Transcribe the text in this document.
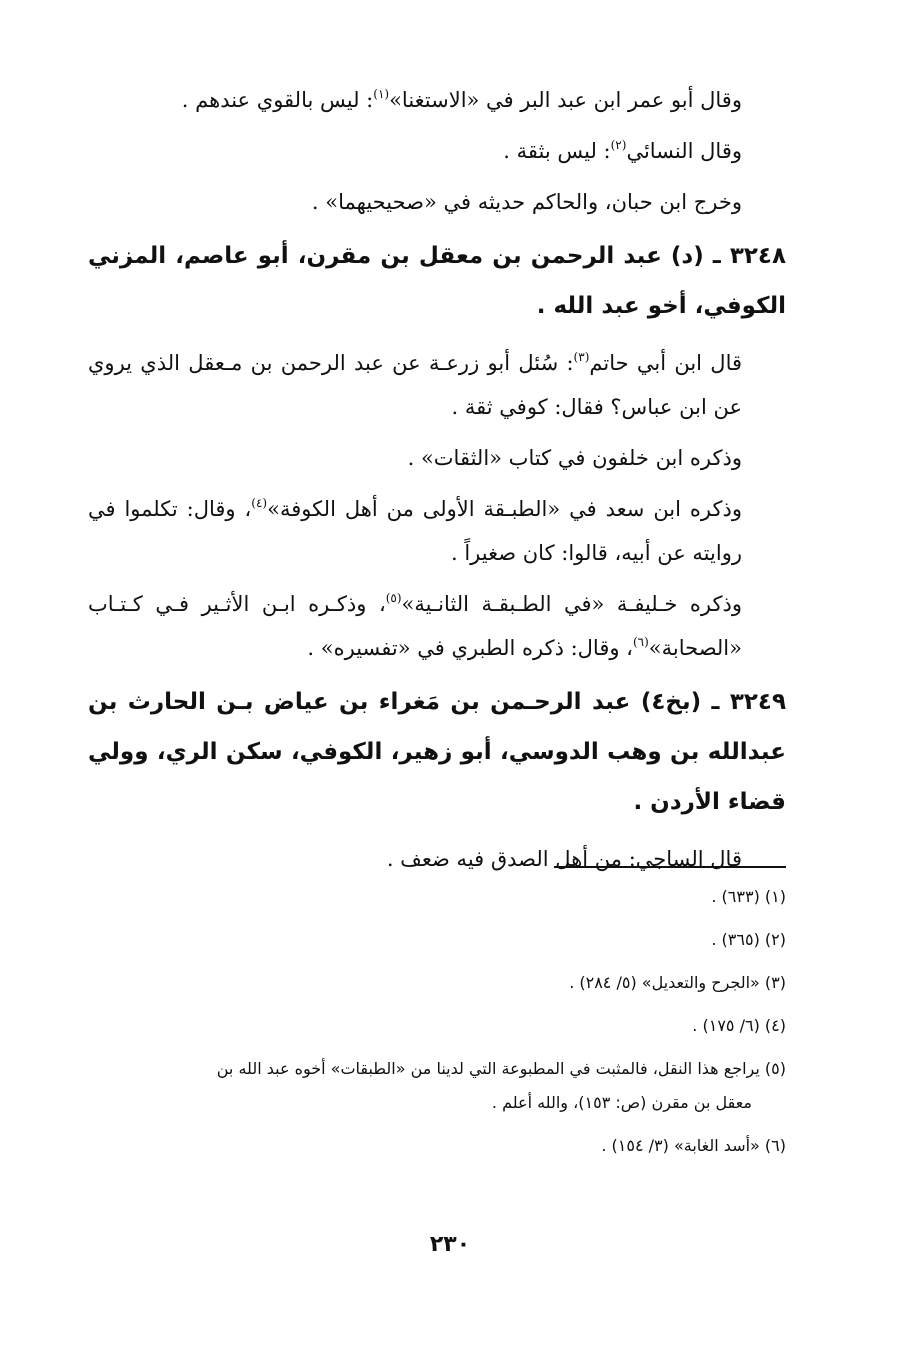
وقال أبو عمر ابن عبد البر في «الاستغنا»$^{(١)}$: ليس بالقوي عندهم .

وقال النسائي$^{(٢)}$: ليس بثقة .

وخرج ابن حبان، والحاكم حديثه في «صحيحيهما» .

٣٢٤٨ ـ (د) عبد الرحمن بن معقل بن مقرن، أبو عاصم، المزني الكوفي، أخو عبد الله .

قال ابن أبي حاتم$^{(٣)}$: سُئل أبو زرعـة عن عبد الرحمن بن مـعقل الذي يروي عن ابن عباس؟ فقال: كوفي ثقة .

وذكره ابن خلفون في كتاب «الثقات» .

وذكره ابن سعد في «الطبـقة الأولى من أهل الكوفة»$^{(٤)}$، وقال: تكلموا في روايته عن أبيه، قالوا: كان صغيراً .

وذكره خـليفـة «في الطـبقـة الثانـية»$^{(٥)}$، وذكـره ابـن الأثـير فـي كـتـاب «الصحابة»$^{(٦)}$، وقال: ذكره الطبري في «تفسيره» .

٣٢٤٩ ـ (بخ٤) عبد الرحـمن بن مَغراء بن عياض بـن الحارث بن عبدالله بن وهب الدوسي، أبو زهير، الكوفي، سكن الري، وولي قضاء الأردن .

قال الساجي: من أهل الصدق فيه ضعف .

(١) (٦٣٣) .
(٢) (٣٦٥) .
(٣) «الجرح والتعديل» (٥/ ٢٨٤) .
(٤) (٦/ ١٧٥) .
(٥) يراجع هذا النقل، فالمثبت في المطبوعة التي لدينا من «الطبقات» أخوه عبد الله بن
معقل بن مقرن (ص: ١٥٣)، والله أعلم .
(٦) «أسد الغابة» (٣/ ١٥٤) .
٢٣٠
